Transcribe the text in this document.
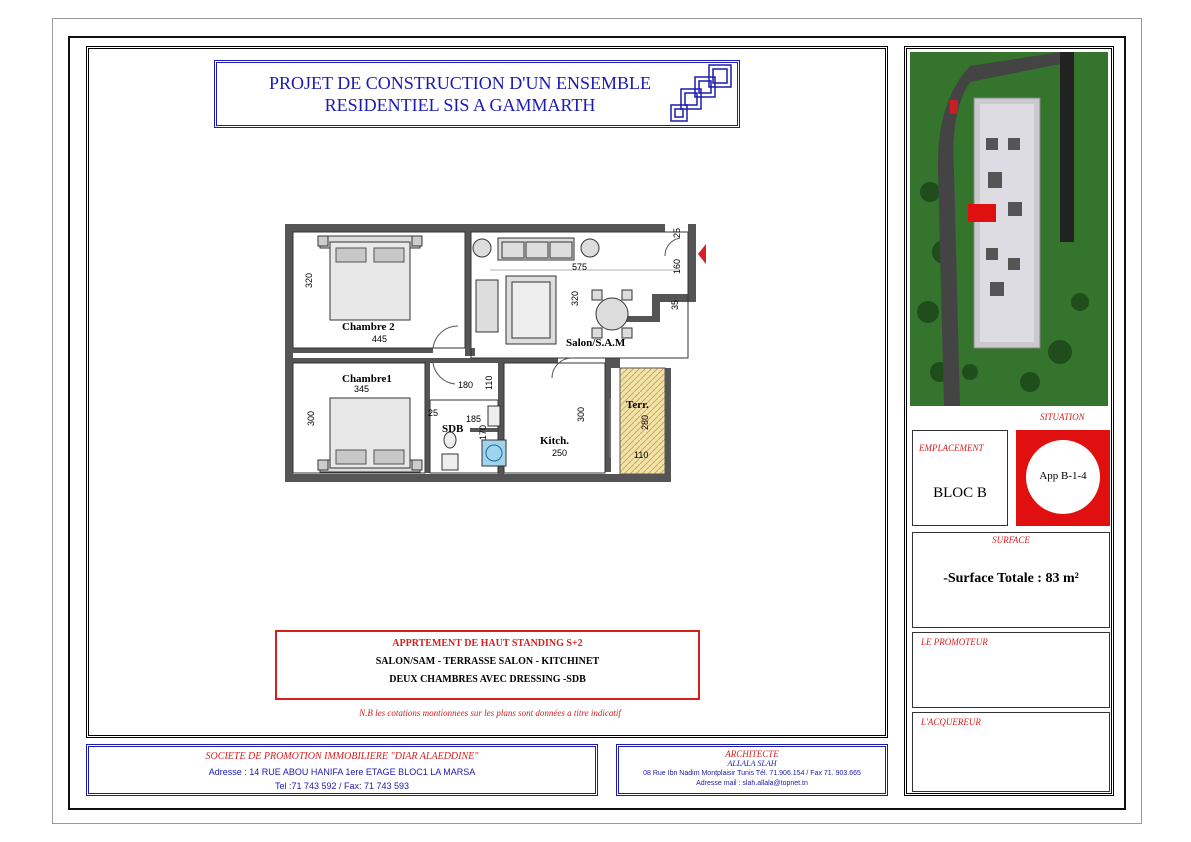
PROJET DE CONSTRUCTION D'UN ENSEMBLE
RESIDENTIEL SIS A GAMMARTH
Chambre 2
445
320
Chambre1
345
300
180 110
25
185
SDB 170
575
320
160
25
35
Salon/S.A.M
300
Kitch.
250
Terr.
280
110
APPRTEMENT DE HAUT STANDING S+2
SALON/SAM - TERRASSE SALON - KITCHINET
DEUX CHAMBRES AVEC DRESSING -SDB
N.B les cotations montionnees sur les plans sont données a titre indicatif
SOCIETE DE PROMOTION IMMOBILIERE "DIAR ALAEDDINE"
Adresse : 14 RUE ABOU HANIFA 1ere ETAGE BLOC1 LA MARSA
Tel :71 743 592 / Fax: 71 743 593
ARCHITECTE
ALLALA SLAH
08 Rue Ibn Nadim Montplaisir Tunis Tél. 71.906.154 / Fax 71. 903.665
Adresse mail : slah.allala@topnet.tn
SITUATION
EMPLACEMENT
BLOC B
App B-1-4
SURFACE
-Surface Totale : 83 m²
LE PROMOTEUR
L'ACQUEREUR
